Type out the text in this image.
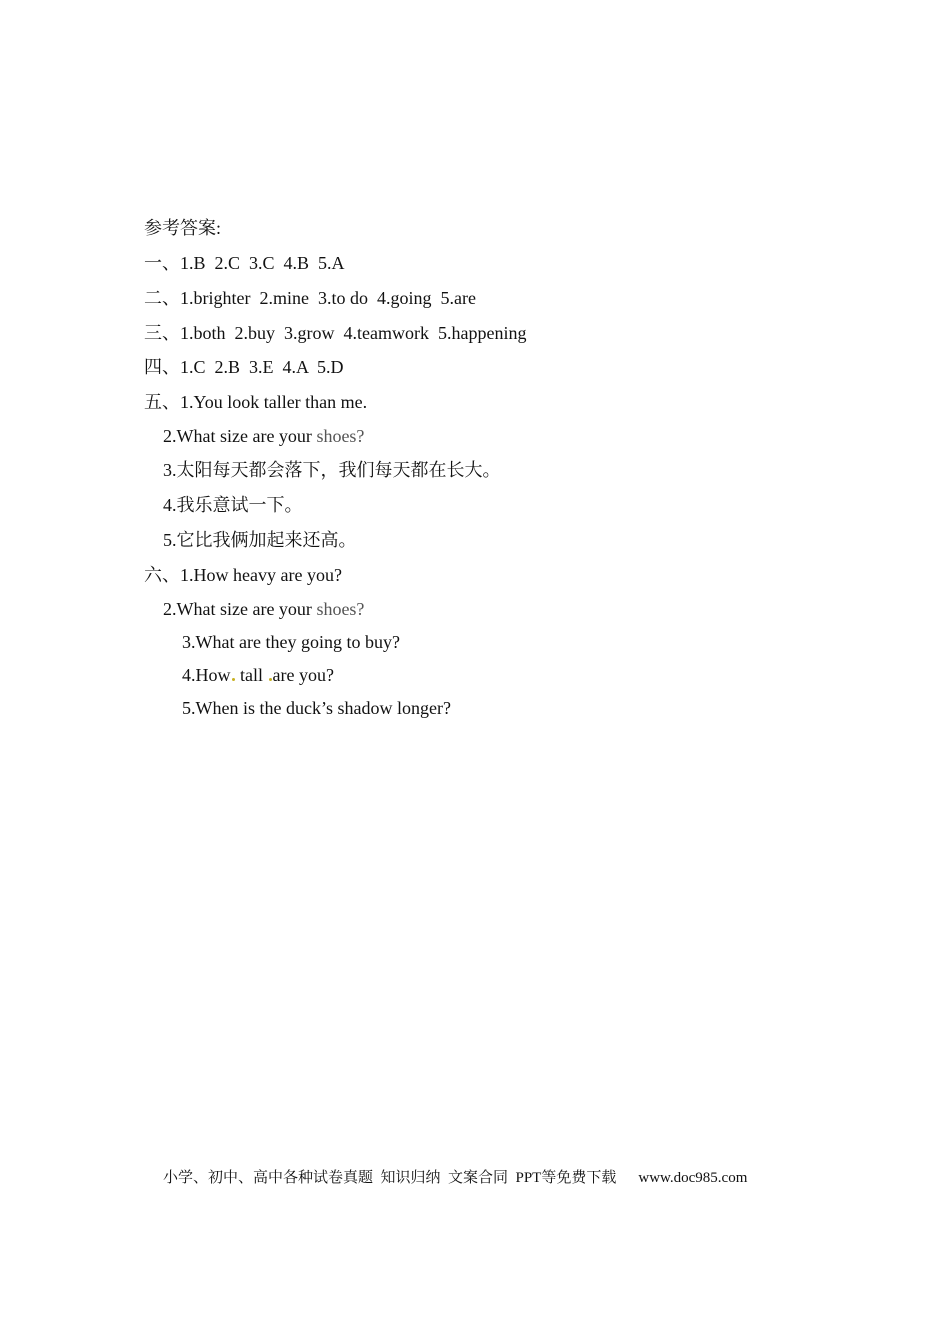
参考答案:
一、1.B  2.C  3.C  4.B  5.A
二、1.brighter  2.mine  3.to do  4.going  5.are
三、1.both  2.buy  3.grow  4.teamwork  5.happening
四、1.C  2.B  3.E  4.A  5.D
五、1.You look taller than me.
2.What size are your shoes?
3.太阳每天都会落下，我们每天都在长大。
4.我乐意试一下。
5.它比我俩加起来还高。
六、1.How heavy are you?
2.What size are your shoes?
3.What are they going to buy?
4.How tall are you?
5.When is the duck’s shadow longer?
小学、初中、高中各种试卷真题  知识归纳  文案合同  PPT等免费下载 www.doc985.com
